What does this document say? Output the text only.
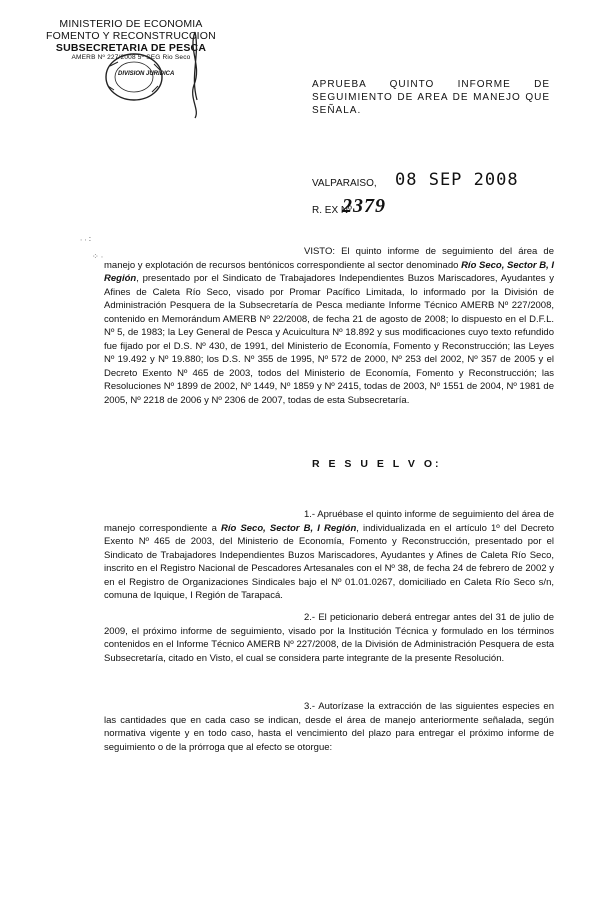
MINISTERIO DE ECONOMIA
FOMENTO Y RECONSTRUCCION
SUBSECRETARIA DE PESCA
AMERB Nº 227/2008 5º SEG Rio Seco
DIVISION JURIDICA
∙ ∙ ∶
⁘ ∙
APRUEBA QUINTO INFORME DE SEGUIMIENTO DE AREA DE MANEJO QUE SEÑALA.
VALPARAISO, 08 SEP 2008
R. EX Nº
2379

VISTO: El quinto informe de seguimiento del área de manejo y explotación de recursos bentónicos correspondiente al sector denominado Río Seco, Sector B, I Región, presentado por el Sindicato de Trabajadores Independientes Buzos Mariscadores, Ayudantes y Afines de Caleta Río Seco, visado por Promar Pacífico Limitada, lo informado por la División de Administración Pesquera de la Subsecretaría de Pesca mediante Informe Técnico AMERB Nº 227/2008, contenido en Memorándum AMERB Nº 22/2008, de fecha 21 de agosto de 2008; lo dispuesto en el D.F.L. Nº 5, de 1983; la Ley General de Pesca y Acuicultura Nº 18.892 y sus modificaciones cuyo texto refundido fue fijado por el D.S. Nº 430, de 1991, del Ministerio de Economía, Fomento y Reconstrucción; las Leyes Nº 19.492 y Nº 19.880; los D.S. Nº 355 de 1995, Nº 572 de 2000, Nº 253 del 2002, Nº 357 de 2005 y el Decreto Exento Nº 465 de 2003, todos del Ministerio de Economía, Fomento y Reconstrucción; las Resoluciones Nº 1899 de 2002, Nº 1449, Nº 1859 y Nº 2415, todas de 2003, Nº 1551 de 2004, Nº 1981 de 2005, Nº 2218 de 2006 y Nº 2306 de 2007, todas de esta Subsecretaría.

R E S U E L V O:

1.- Apruébase el quinto informe de seguimiento del área de manejo correspondiente a Río Seco, Sector B, I Región, individualizada en el artículo 1º del Decreto Exento Nº 465 de 2003, del Ministerio de Economía, Fomento y Reconstrucción, presentado por el Sindicato de Trabajadores Independientes Buzos Mariscadores, Ayudantes y Afines de Caleta Río Seco, inscrito en el Registro Nacional de Pescadores Artesanales con el Nº 38, de fecha 24 de febrero de 2002 y en el Registro de Organizaciones Sindicales bajo el Nº 01.01.0267, domiciliado en Caleta Río Seco s/n, comuna de Iquique, I Región de Tarapacá.

2.- El peticionario deberá entregar antes del 31 de julio de 2009, el próximo informe de seguimiento, visado por la Institución Técnica y formulado en los términos contenidos en el Informe Técnico AMERB Nº 227/2008, de la División de Administración Pesquera de esta Subsecretaría, citado en Visto, el cual se considera parte integrante de la presente Resolución.

3.- Autorízase la extracción de las siguientes especies en las cantidades que en cada caso se indican, desde el área de manejo anteriormente señalada, según normativa vigente y en todo caso, hasta el vencimiento del plazo para entregar el próximo informe de seguimiento o de la prórroga que al efecto se otorgue:
